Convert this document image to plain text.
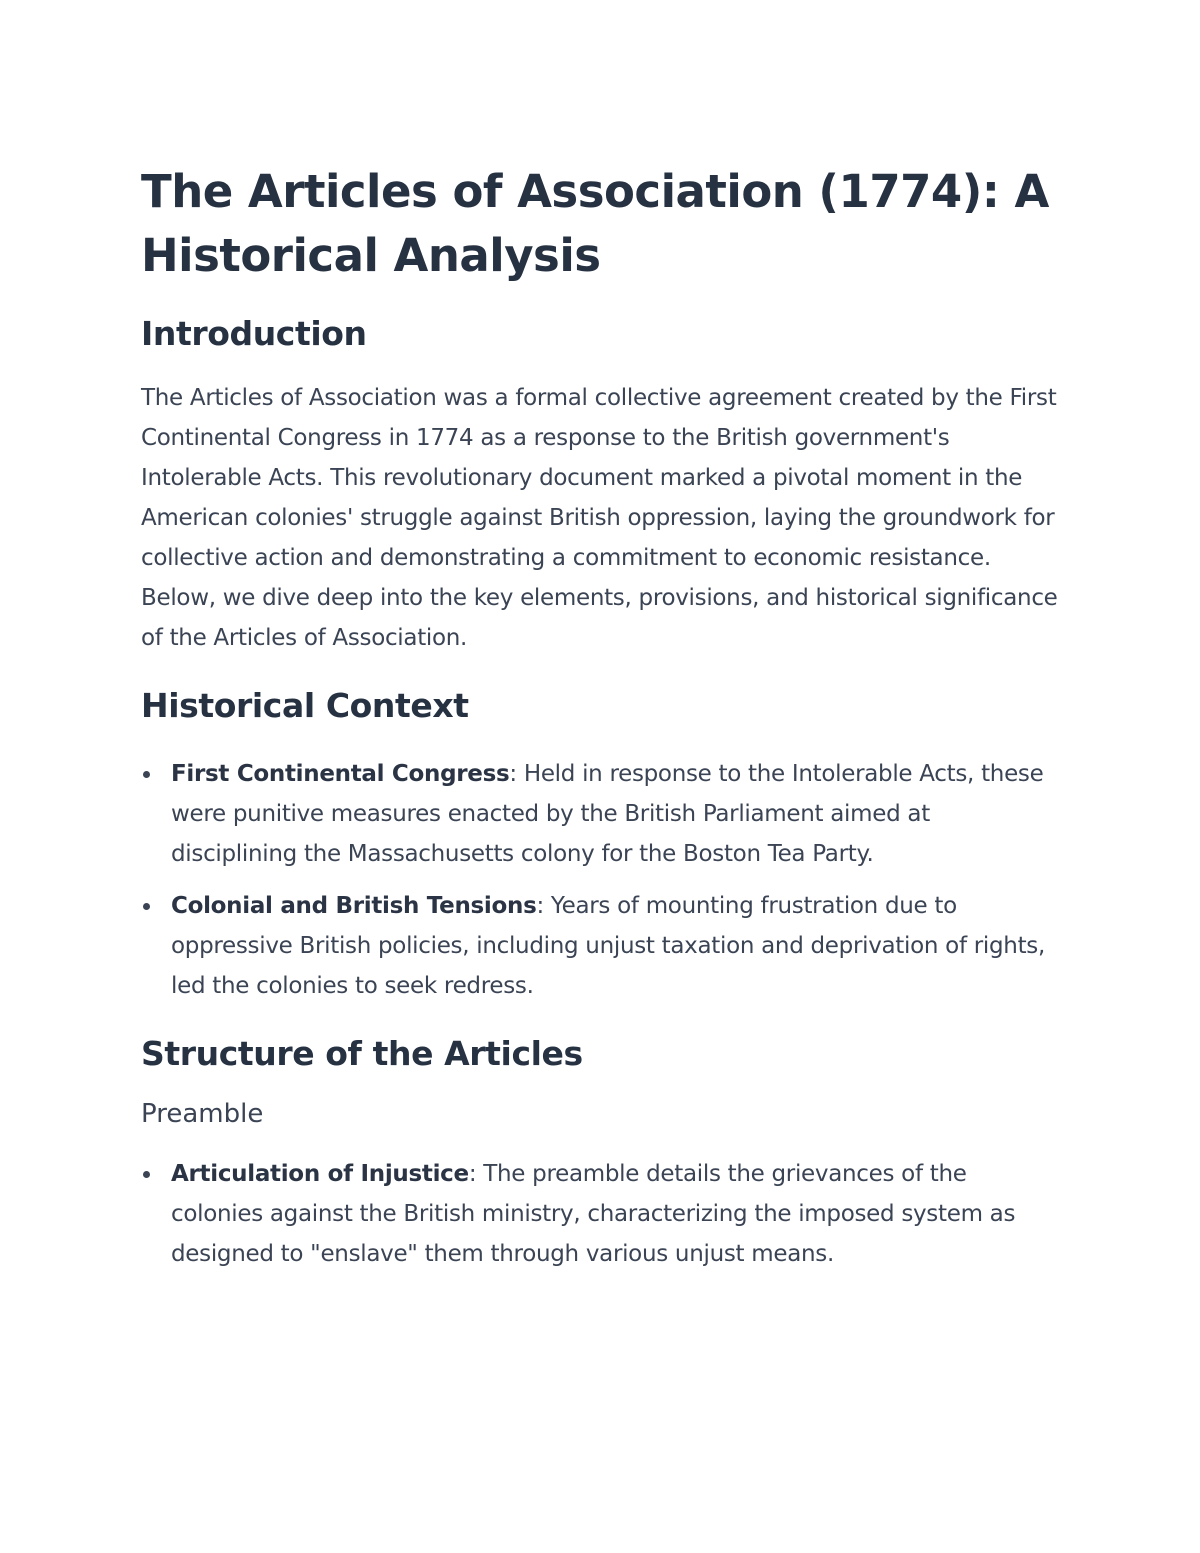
The Articles of Association (1774): A Historical Analysis
Introduction

The Articles of Association was a formal collective agreement created by the First Continental Congress in 1774 as a response to the British government's Intolerable Acts. This revolutionary document marked a pivotal moment in the American colonies' struggle against British oppression, laying the groundwork for collective action and demonstrating a commitment to economic resistance. Below, we dive deep into the key elements, provisions, and historical significance of the Articles of Association.

Historical Context
First Continental Congress: Held in response to the Intolerable Acts, these were punitive measures enacted by the British Parliament aimed at disciplining the Massachusetts colony for the Boston Tea Party.
Colonial and British Tensions: Years of mounting frustration due to oppressive British policies, including unjust taxation and deprivation of rights, led the colonies to seek redress.
Structure of the Articles
Preamble
Articulation of Injustice: The preamble details the grievances of the colonies against the British ministry, characterizing the imposed system as designed to "enslave" them through various unjust means.
